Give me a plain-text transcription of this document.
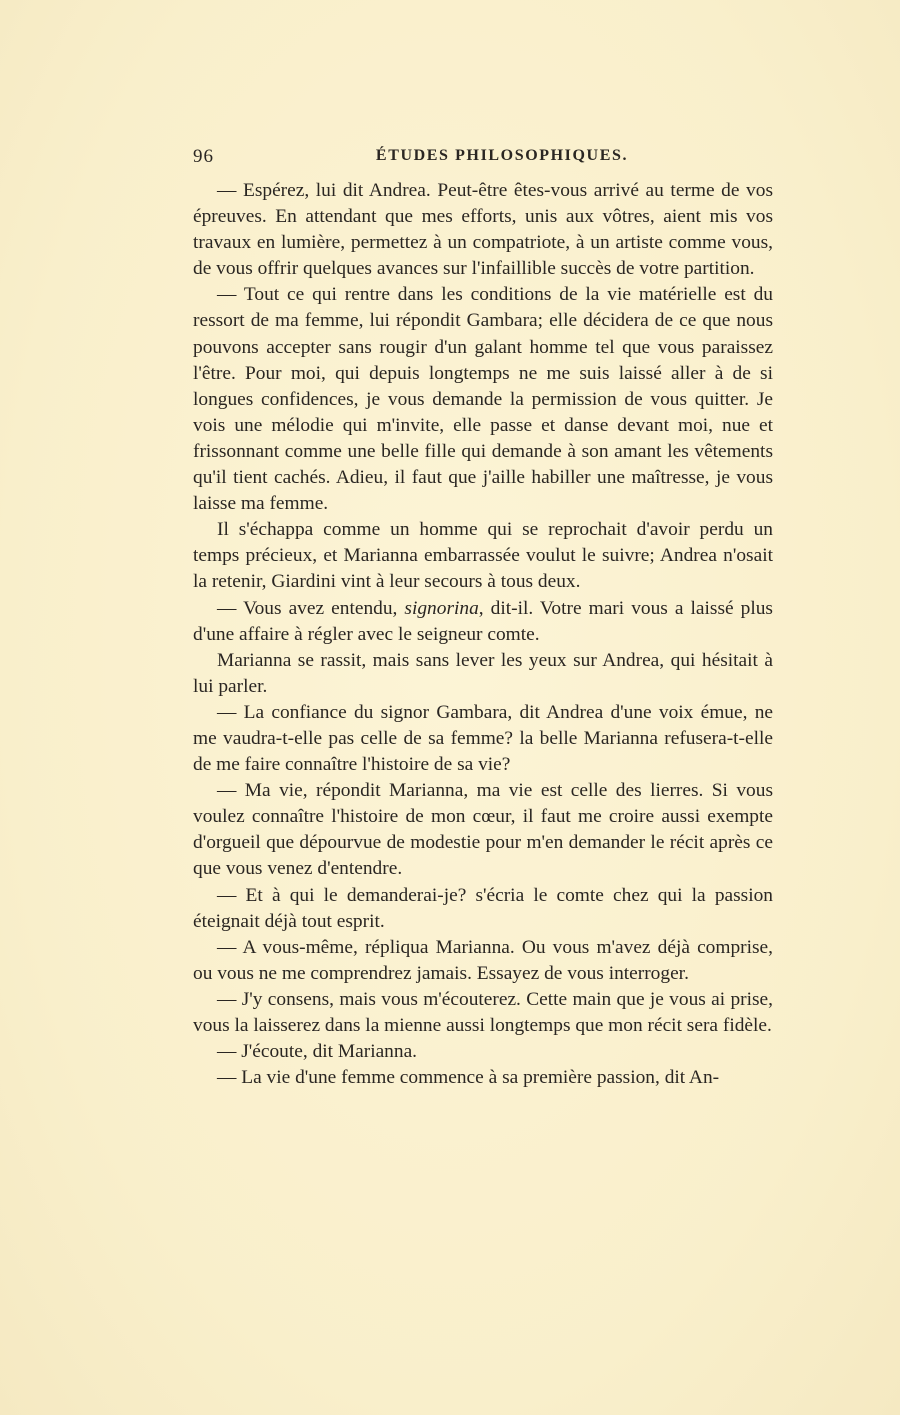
96	ÉTUDES PHILOSOPHIQUES.

— Espérez, lui dit Andrea. Peut-être êtes-vous arrivé au terme de vos épreuves. En attendant que mes efforts, unis aux vôtres, aient mis vos travaux en lumière, permettez à un compatriote, à un artiste comme vous, de vous offrir quelques avances sur l'infaillible succès de votre partition.

— Tout ce qui rentre dans les conditions de la vie matérielle est du ressort de ma femme, lui répondit Gambara; elle décidera de ce que nous pouvons accepter sans rougir d'un galant homme tel que vous paraissez l'être. Pour moi, qui depuis longtemps ne me suis laissé aller à de si longues confidences, je vous demande la permission de vous quitter. Je vois une mélodie qui m'invite, elle passe et danse devant moi, nue et frissonnant comme une belle fille qui demande à son amant les vêtements qu'il tient cachés. Adieu, il faut que j'aille habiller une maîtresse, je vous laisse ma femme.

Il s'échappa comme un homme qui se reprochait d'avoir perdu un temps précieux, et Marianna embarrassée voulut le suivre; Andrea n'osait la retenir, Giardini vint à leur secours à tous deux.

— Vous avez entendu, signorina, dit-il. Votre mari vous a laissé plus d'une affaire à régler avec le seigneur comte.

Marianna se rassit, mais sans lever les yeux sur Andrea, qui hésitait à lui parler.

— La confiance du signor Gambara, dit Andrea d'une voix émue, ne me vaudra-t-elle pas celle de sa femme? la belle Marianna refusera-t-elle de me faire connaître l'histoire de sa vie?

— Ma vie, répondit Marianna, ma vie est celle des lierres. Si vous voulez connaître l'histoire de mon cœur, il faut me croire aussi exempte d'orgueil que dépourvue de modestie pour m'en demander le récit après ce que vous venez d'entendre.

— Et à qui le demanderai-je? s'écria le comte chez qui la passion éteignait déjà tout esprit.

— A vous-même, répliqua Marianna. Ou vous m'avez déjà comprise, ou vous ne me comprendrez jamais. Essayez de vous interroger.

— J'y consens, mais vous m'écouterez. Cette main que je vous ai prise, vous la laisserez dans la mienne aussi longtemps que mon récit sera fidèle.

— J'écoute, dit Marianna.

— La vie d'une femme commence à sa première passion, dit An-
